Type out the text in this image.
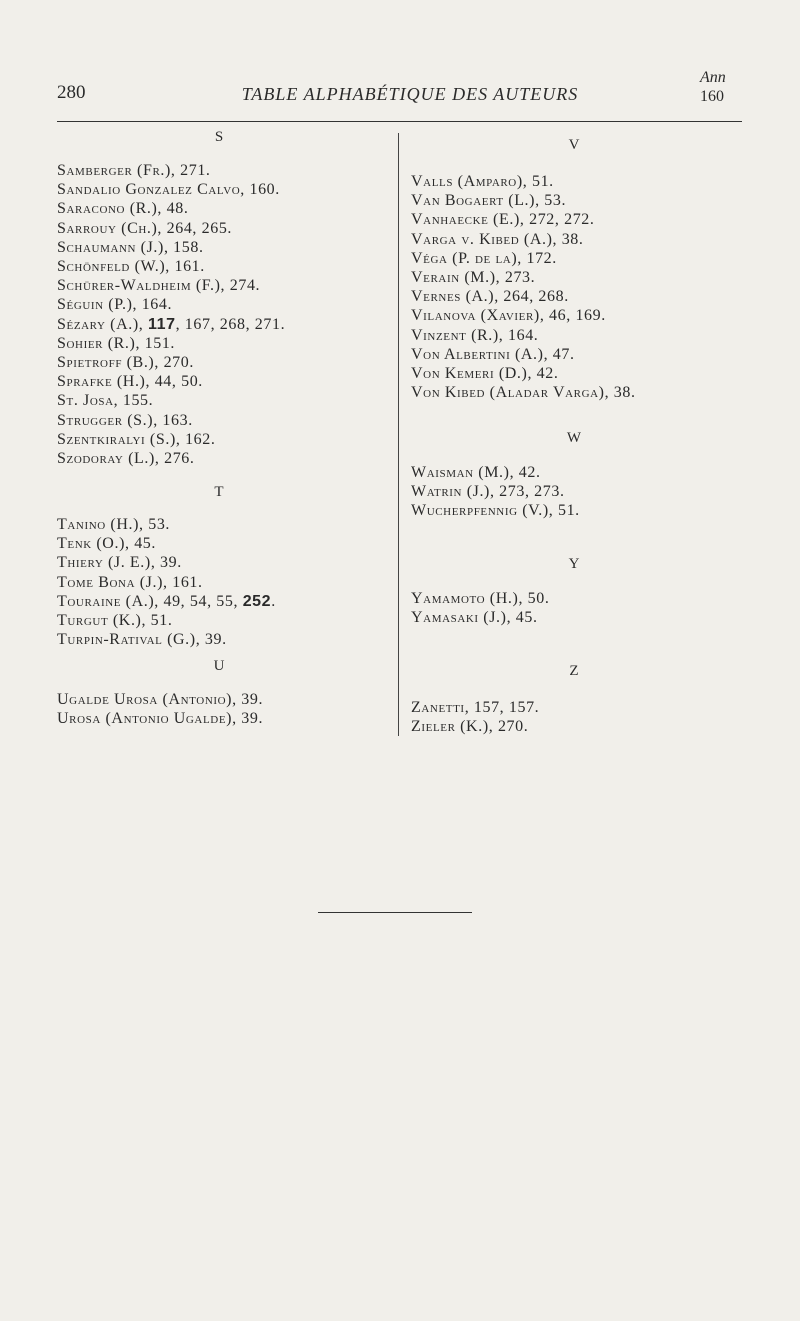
280	TABLE ALPHABÉTIQUE DES AUTEURS
Ann
160
S
Samberger (Fr.), 271.
Sandalio Gonzalez Calvo, 160.
Saracono (R.), 48.
Sarrouy (Ch.), 264, 265.
Schaumann (J.), 158.
Schönfeld (W.), 161.
Schürer-Waldheim (F.), 274.
Séguin (P.), 164.
Sézary (A.), 117, 167, 268, 271.
Sohier (R.), 151.
Spietroff (B.), 270.
Sprafke (H.), 44, 50.
St. Josa, 155.
Strugger (S.), 163.
Szentkiralyi (S.), 162.
Szodoray (L.), 276.
T
Tanino (H.), 53.
Tenk (O.), 45.
Thiery (J. E.), 39.
Tome Bona (J.), 161.
Touraine (A.), 49, 54, 55, 252.
Turgut (K.), 51.
Turpin-Ratival (G.), 39.
U
Ugalde Urosa (Antonio), 39.
Urosa (Antonio Ugalde), 39.
V
Valls (Amparo), 51.
Van Bogaert (L.), 53.
Vanhaecke (E.), 272, 272.
Varga v. Kibed (A.), 38.
Véga (P. de la), 172.
Verain (M.), 273.
Vernes (A.), 264, 268.
Vilanova (Xavier), 46, 169.
Vinzent (R.), 164.
Von Albertini (A.), 47.
Von Kemeri (D.), 42.
Von Kibed (Aladar Varga), 38.
W
Waisman (M.), 42.
Watrin (J.), 273, 273.
Wucherpfennig (V.), 51.
Y
Yamamoto (H.), 50.
Yamasaki (J.), 45.
Z
Zanetti, 157, 157.
Zieler (K.), 270.
